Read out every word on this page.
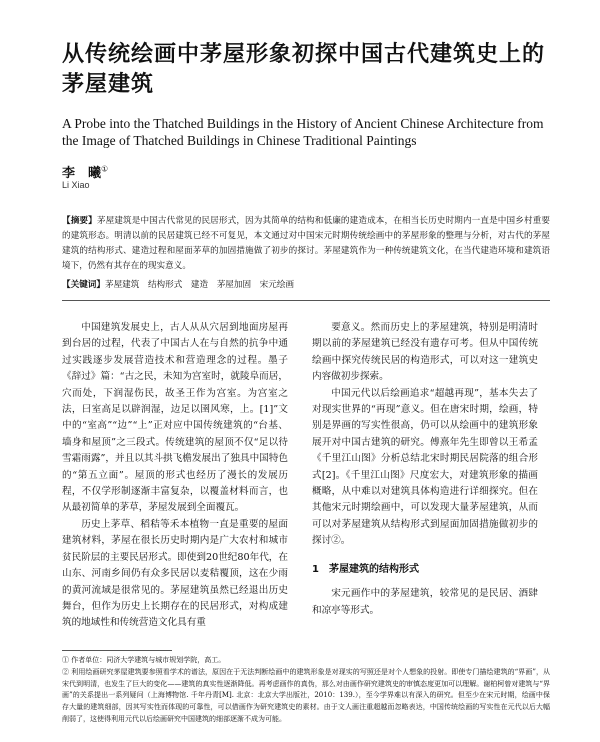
从传统绘画中茅屋形象初探中国古代建筑史上的茅屋建筑

A Probe into the Thatched Buildings in the History of Ancient Chinese Architecture from the Image of Thatched Buildings in Chinese Traditional Paintings

李　曦①
Li Xiao

【摘要】茅屋建筑是中国古代常见的民居形式，因为其简单的结构和低廉的建造成本，在相当长历史时期内一直是中国乡村重要的建筑形态。明清以前的民居建筑已经不可复见，本文通过对中国宋元时期传统绘画中的茅屋形象的整理与分析，对古代的茅屋建筑的结构形式、建造过程和屋面茅草的加固措施做了初步的探讨。茅屋建筑作为一种传统建筑文化，在当代建造环境和建筑语境下，仍然有其存在的现实意义。

【关键词】茅屋建筑　结构形式　建造　茅屋加固　宋元绘画

中国建筑发展史上，古人从从穴居到地面房屋再到台居的过程，代表了中国古人在与自然的抗争中通过实践逐步发展营造技术和营造理念的过程。墨子《辞过》篇：“古之民，未知为宫室时，就陵阜而居，穴而处，下润湿伤民，故圣王作为宫室。为宫室之法，曰室高足以辟润湿，边足以圉风寒，上。[1]”文中的“室高”“边”“上”正对应中国传统建筑的“台基、墙身和屋顶”之三段式。传统建筑的屋顶不仅“足以待雪霜雨露”，并且以其斗拱飞檐发展出了独具中国特色的“第五立面”。屋顶的形式也经历了漫长的发展历程，不仅学形制逐渐丰富复杂，以覆盖材料而言，也从最初简单的茅草，茅屋发展到全面覆瓦。

历史上茅草、稻秸等禾本植物一直是重要的屋面建筑材料，茅屋在很长历史时期内是广大农村和城市贫民阶层的主要民居形式。即使到20世纪80年代，在山东、河南乡间仍有众多民居以麦秸覆顶，这在少雨的黄河流域是很常见的。茅屋建筑虽然已经退出历史舞台，但作为历史上长期存在的民居形式，对构成建筑的地域性和传统营造文化具有重

要意义。然而历史上的茅屋建筑，特别是明清时期以前的茅屋建筑已经没有遗存可考。但从中国传统绘画中探究传统民居的构造形式，可以对这一建筑史内容做初步探索。

中国元代以后绘画追求“超越再现”，基本失去了对现实世界的“再现”意义。但在唐宋时期，绘画，特别是界画的写实性很高，仍可以从绘画中的建筑形象展开对中国古建筑的研究。傅熹年先生即曾以王希孟《千里江山图》分析总结北宋时期民居院落的组合形式[2]。《千里江山图》尺度宏大，对建筑形象的描画概略，从中难以对建筑具体构造进行详细探究。但在其他宋元时期绘画中，可以发现大量茅屋建筑，从而可以对茅屋建筑从结构形式到屋面加固措施做初步的探讨②。

1 茅屋建筑的结构形式

宋元画作中的茅屋建筑，较常见的是民居、酒肆和凉亭等形式。

① 作者单位：同济大学建筑与城市规划学院，高工。

② 利用绘画研究茅屋建筑要参照看学术的谱法，原因在于无法判断绘画中的建筑形象是对现实的写照还是对个人想象的投射。即使专门描绘建筑的“界画”，从宋代到明清，也发生了巨大的变化——建筑的真实性逐渐降低。再考虑画作的真伪，那么对由画作研究建筑史的审慎态度更加可以理解。谢柏柯曾对建筑与“界画”的关系提出一系列疑问（上海博物馆. 千年丹青[M]. 北京：北京大学出版社，2010：139.），至今学界难以有深入的研究。但至少在宋元时期，绘画中保存大量的建筑细部，因其写实性而体现的可靠性，可以借画作为研究建筑史的素材。由于文人画注重超越而忽略表达，中国传统绘画的写实性在元代以后大幅削弱了，这使得利用元代以后绘画研究中国建筑的细部逐渐不成为可能。
